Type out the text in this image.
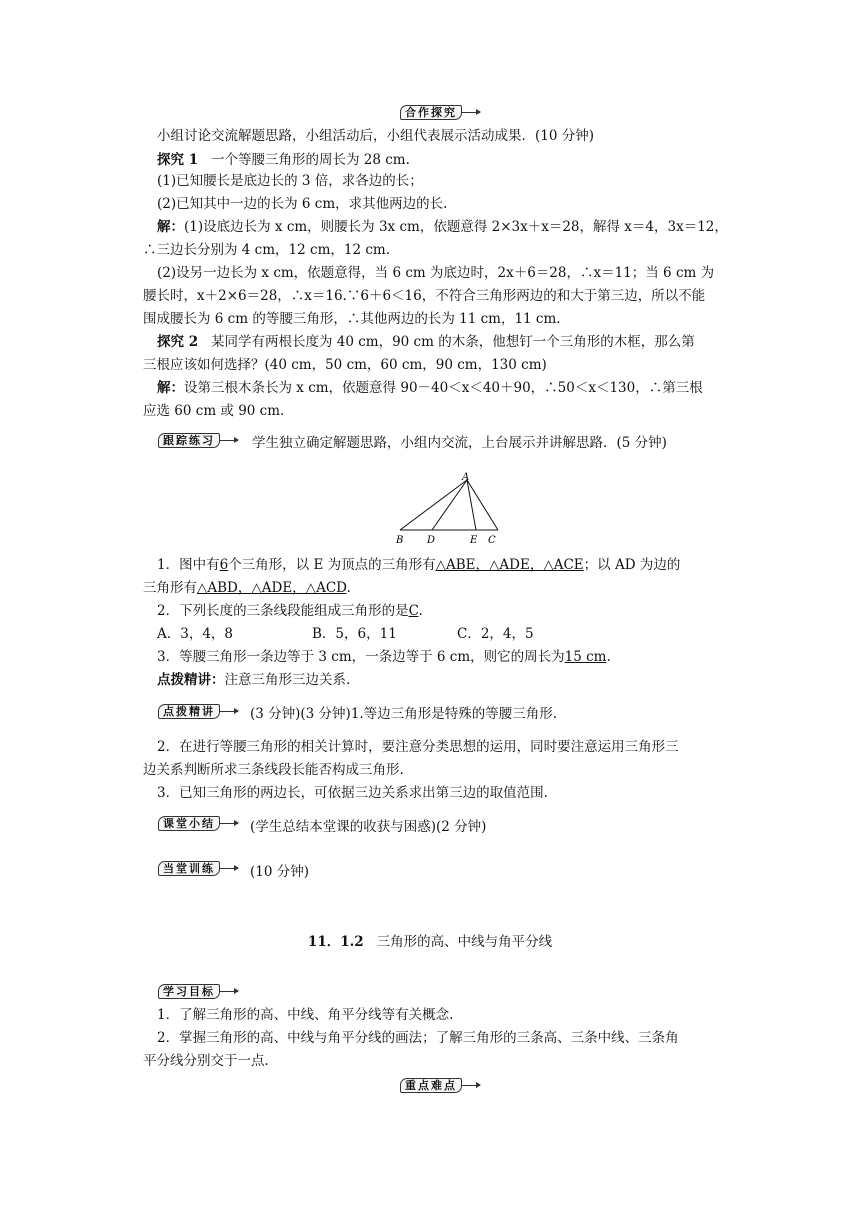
合作探究
小组讨论交流解题思路，小组活动后，小组代表展示活动成果．(10 分钟)
探究 1 一个等腰三角形的周长为 28 cm.
(1)已知腰长是底边长的 3 倍，求各边的长；
(2)已知其中一边的长为 6 cm，求其他两边的长.
解：(1)设底边长为 x cm，则腰长为 3x cm，依题意得 2×3x＋x＝28，解得 x＝4，3x＝12，
∴三边长分别为 4 cm，12 cm，12 cm.
(2)设另一边长为 x cm，依题意得，当 6 cm 为底边时，2x＋6＝28，∴x＝11；当 6 cm 为
腰长时，x＋2×6＝28，∴x＝16.∵6＋6＜16，不符合三角形两边的和大于第三边，所以不能
围成腰长为 6 cm 的等腰三角形，∴其他两边的长为 11 cm，11 cm.
探究 2 某同学有两根长度为 40 cm，90 cm 的木条，他想钉一个三角形的木框，那么第
三根应该如何选择？(40 cm，50 cm，60 cm，90 cm，130 cm)
解：设第三根木条长为 x cm，依题意得 90－40＜x＜40＋90，∴50＜x＜130，∴第三根
应选 60 cm 或 90 cm.
跟踪练习	学生独立确定解题思路，小组内交流，上台展示并讲解思路．(5 分钟)
A
B D	E C
1．图中有6个三角形，以 E 为顶点的三角形有△ABE，△ADE，△ACE；以 AD 为边的
三角形有△ABD，△ADE，△ACD.
2．下列长度的三条线段能组成三角形的是C.
A．3，4，8	B．5，6，11	C．2，4，5
3．等腰三角形一条边等于 3 cm，一条边等于 6 cm，则它的周长为15 cm.
点拨精讲：注意三角形三边关系.
点拨精讲	(3 分钟)(3 分钟)1.等边三角形是特殊的等腰三角形.
2．在进行等腰三角形的相关计算时，要注意分类思想的运用，同时要注意运用三角形三
边关系判断所求三条线段长能否构成三角形.
3．已知三角形的两边长，可依据三边关系求出第三边的取值范围.
课堂小结	(学生总结本堂课的收获与困惑)(2 分钟)
当堂训练	(10 分钟)
11．1.2 三角形的高、中线与角平分线
学习目标
1．了解三角形的高、中线、角平分线等有关概念.
2．掌握三角形的高、中线与角平分线的画法；了解三角形的三条高、三条中线、三条角
平分线分别交于一点.
重点难点
